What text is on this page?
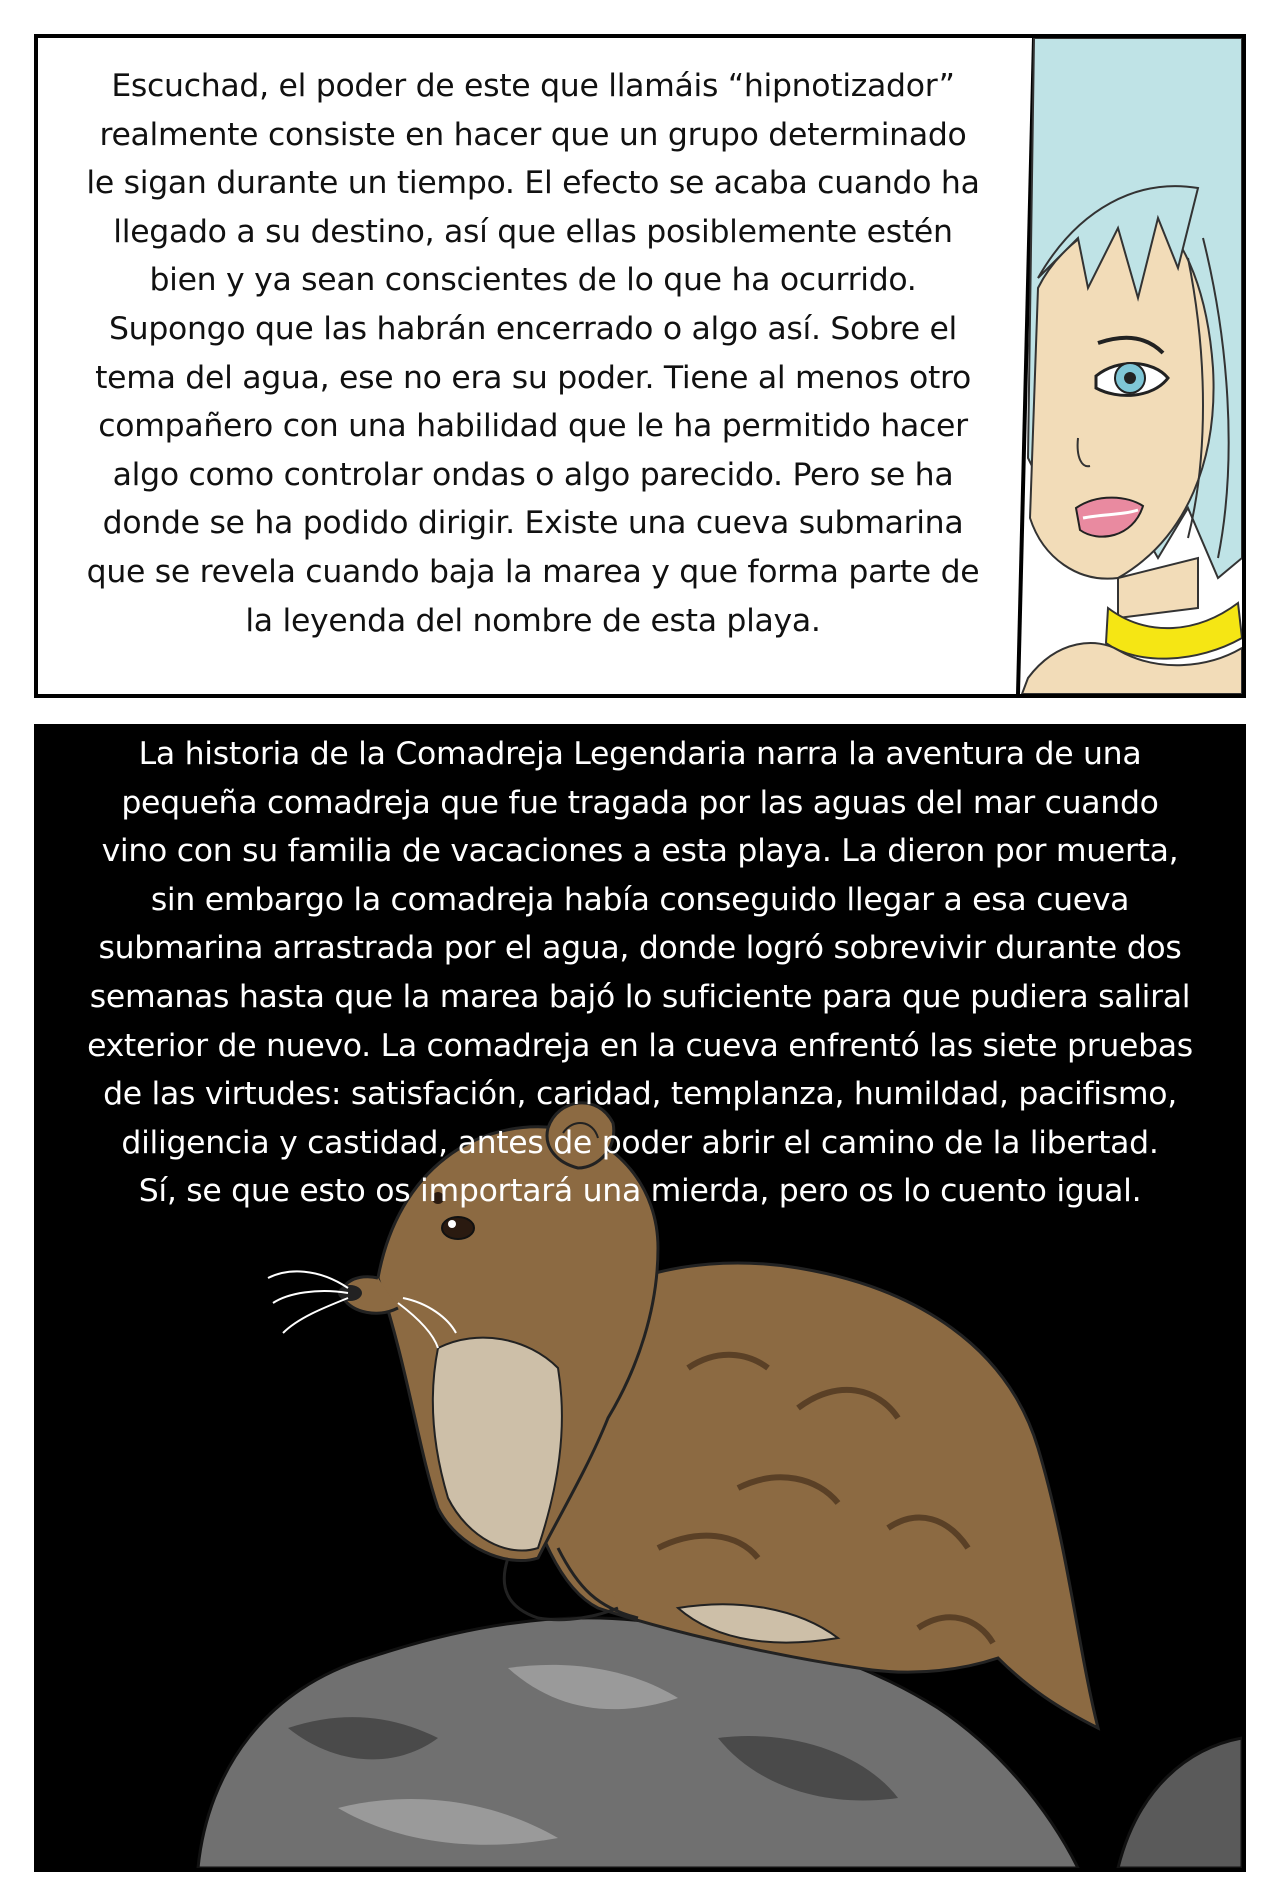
Escuchad, el poder de este que llamáis “hipnotizador”
realmente consiste en hacer que un grupo determinado
le sigan durante un tiempo. El efecto se acaba cuando ha
llegado a su destino, así que ellas posiblemente estén
bien y ya sean conscientes de lo que ha ocurrido.
Supongo que las habrán encerrado o algo así. Sobre el
tema del agua, ese no era su poder. Tiene al menos otro
compañero con una habilidad que le ha permitido hacer
algo como controlar ondas o algo parecido. Pero se ha
donde se ha podido dirigir. Existe una cueva submarina
que se revela cuando baja la marea y que forma parte de
la leyenda del nombre de esta playa.
La historia de la Comadreja Legendaria narra la aventura de una
pequeña comadreja que fue tragada por las aguas del mar cuando
vino con su familia de vacaciones a esta playa. La dieron por muerta,
sin embargo la comadreja había conseguido llegar a esa cueva
submarina arrastrada por el agua, donde logró sobrevivir durante dos
semanas hasta que la marea bajó lo suficiente para que pudiera saliral
exterior de nuevo. La comadreja en la cueva enfrentó las siete pruebas
de las virtudes: satisfación, caridad, templanza, humildad, pacifismo,
diligencia y castidad, antes de poder abrir el camino de la libertad.
Sí, se que esto os importará una mierda, pero os lo cuento igual.
